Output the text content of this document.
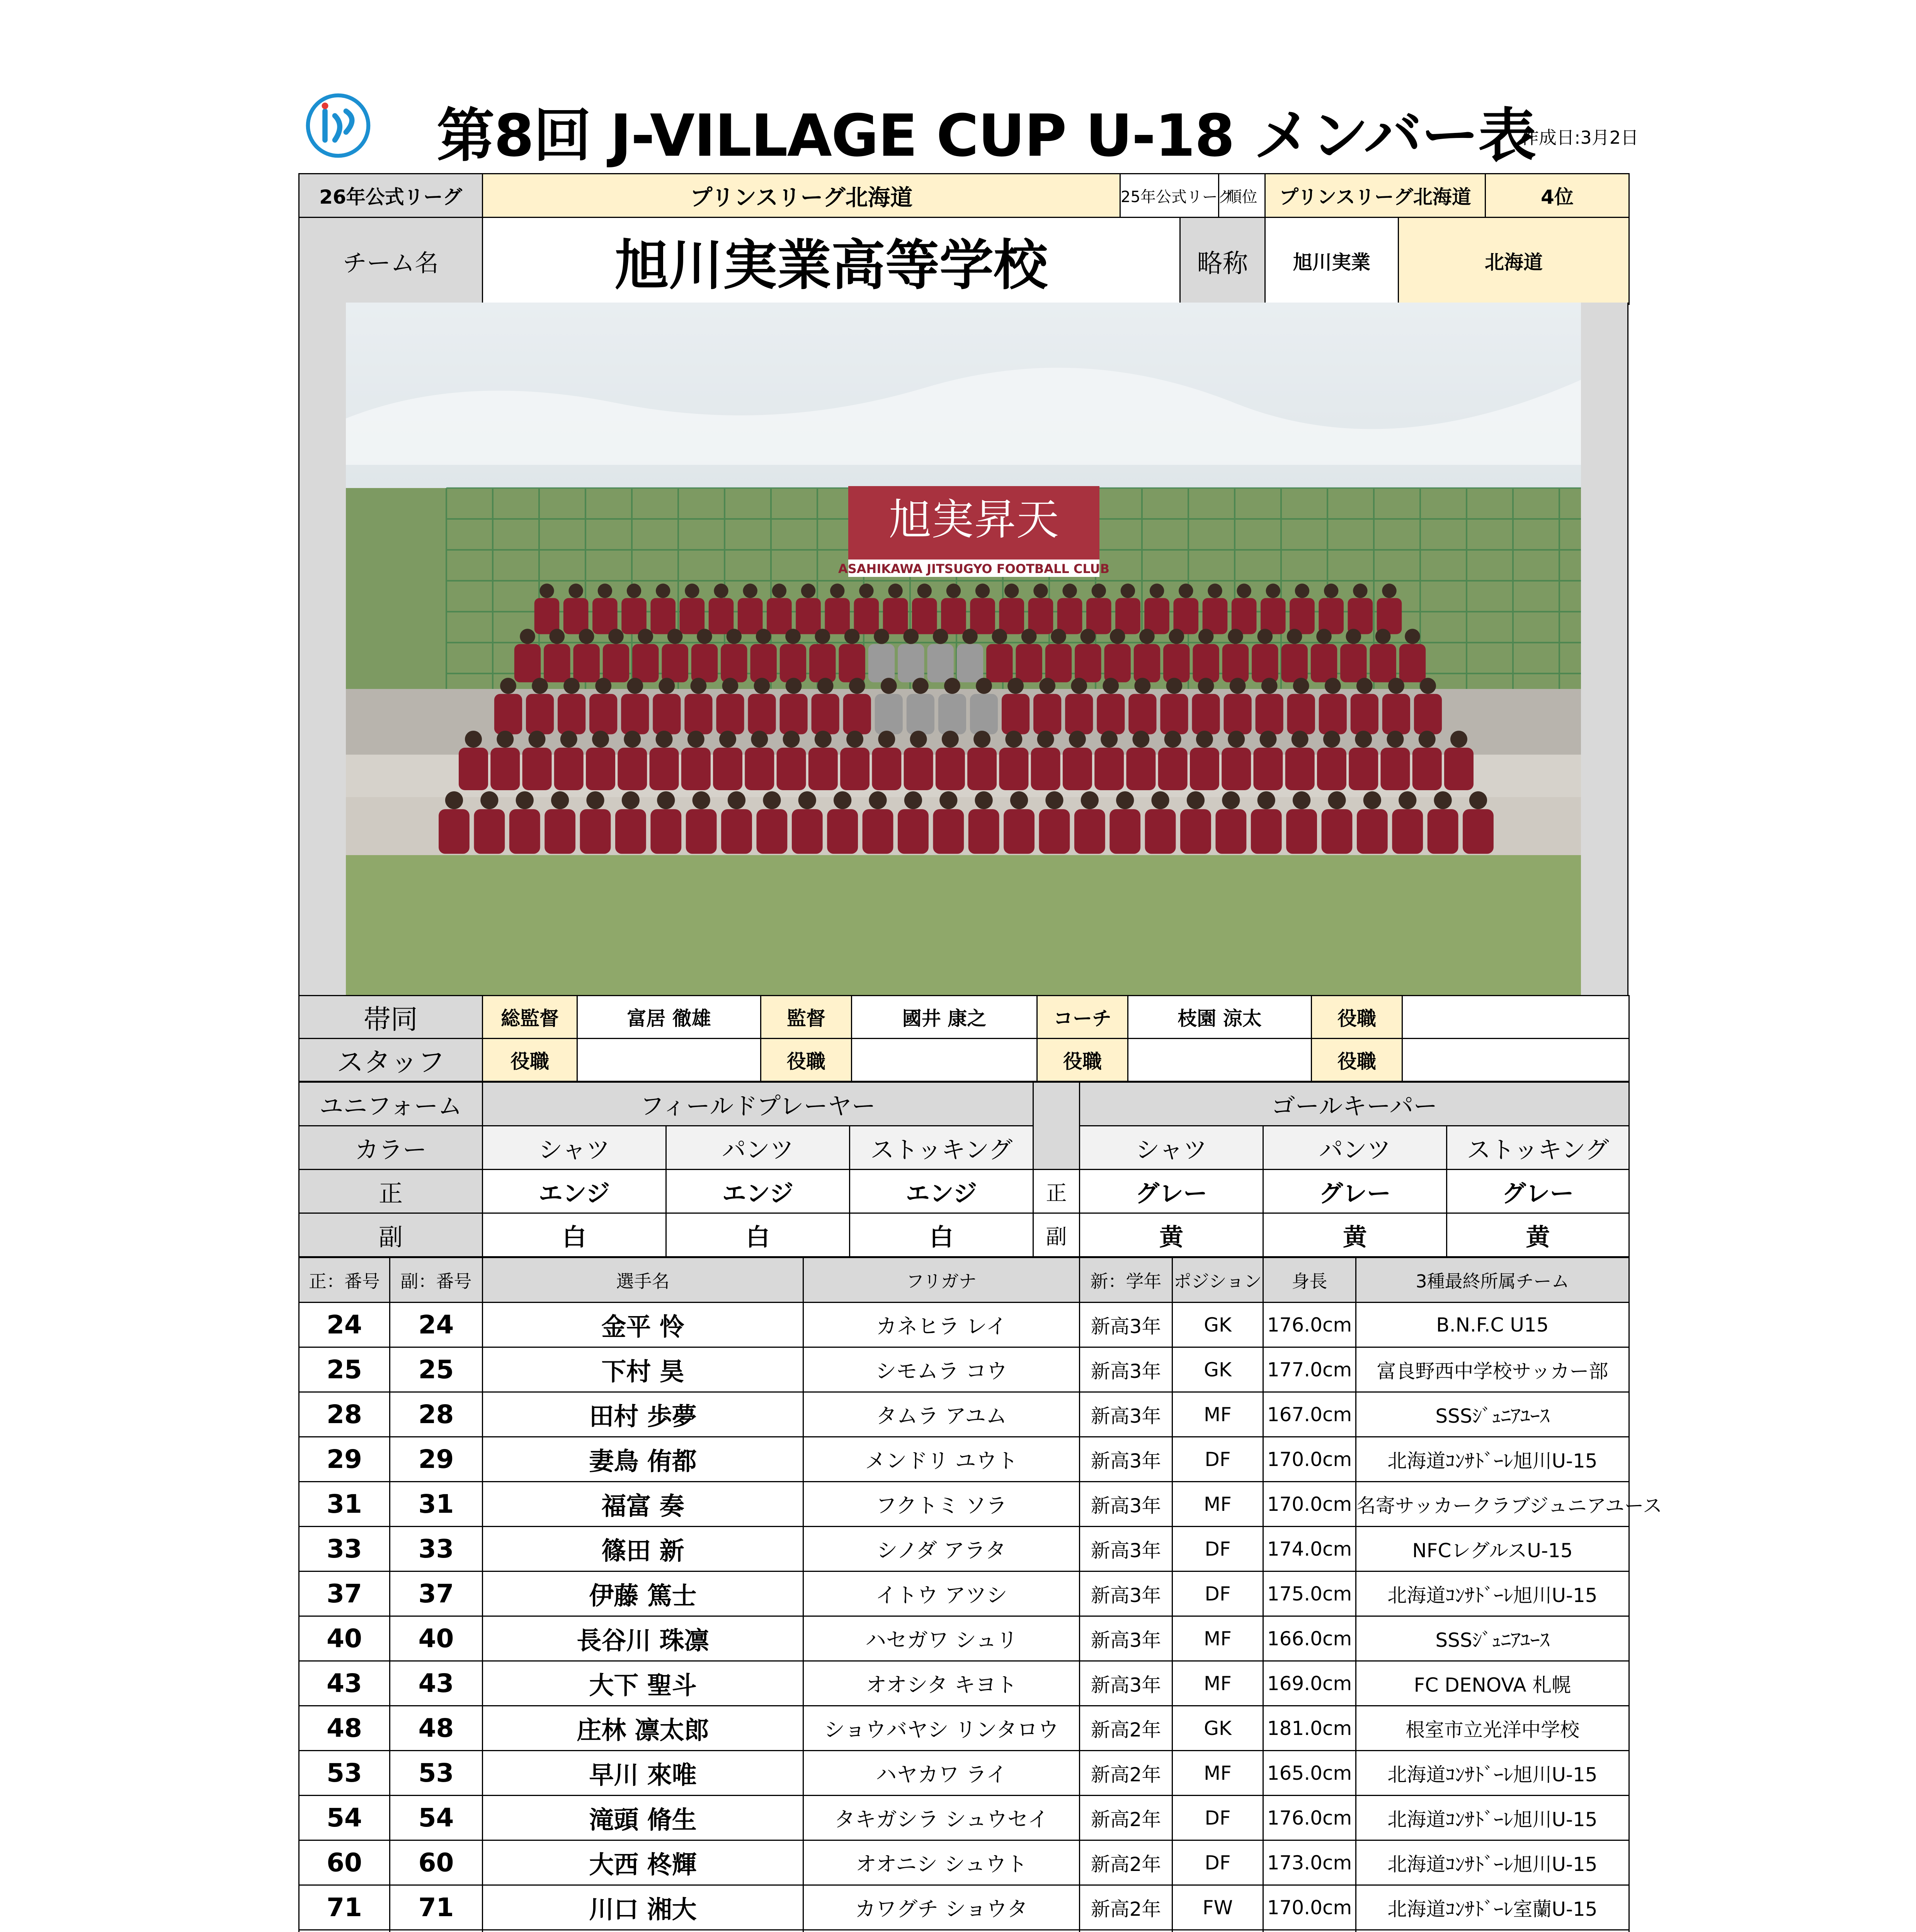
第8回 J-VILLAGE CUP U-18 メンバー表
作成日:3月2日
26年公式リーグ	プリンスリーグ北海道	25年公式リーグ		順位	プリンスリーグ北海道		4位
チーム名	旭川実業高等学校		略称		旭川実業	北海道	
旭実昇天
ASAHIKAWA JITSUGYO FOOTBALL CLUB
帯同	総監督	富居 徹雄	監督	國井 康之	コーチ	枝園 涼太	役職	
スタッフ	役職		役職		役職		役職	
ユニフォーム	フィールドプレーヤー				ゴールキーパー		
カラー	シャツ	パンツ	ストッキング		シャツ	パンツ	ストッキング
正	エンジ	エンジ	エンジ	正	グレー	グレー	グレー
副	白	白	白	副	黄	黄	黄
正：番号	副：番号	選手名	フリガナ	新：学年	ポジション	身長	3種最終所属チーム
24	24	金平 怜	カネヒラ レイ	新高3年	GK	176.0cm	B.N.F.C U15
25	25	下村 昊	シモムラ コウ	新高3年	GK	177.0cm	富良野西中学校サッカー部
28	28	田村 歩夢	タムラ アユム	新高3年	MF	167.0cm	SSSｼﾞｭﾆｱﾕｰｽ
29	29	妻鳥 侑都	メンドリ ユウト	新高3年	DF	170.0cm	北海道ｺﾝｻﾄﾞｰﾚ旭川U-15
31	31	福富 奏	フクトミ ソラ	新高3年	MF	170.0cm	名寄サッカークラブジュニアユース
33	33	篠田 新	シノダ アラタ	新高3年	DF	174.0cm	NFCレグルスU-15
37	37	伊藤 篤士	イトウ アツシ	新高3年	DF	175.0cm	北海道ｺﾝｻﾄﾞｰﾚ旭川U-15
40	40	長谷川 珠凛	ハセガワ シュリ	新高3年	MF	166.0cm	SSSｼﾞｭﾆｱﾕｰｽ
43	43	大下 聖斗	オオシタ キヨト	新高3年	MF	169.0cm	FC DENOVA 札幌
48	48	庄林 凛太郎	ショウバヤシ リンタロウ	新高2年	GK	181.0cm	根室市立光洋中学校
53	53	早川 來唯	ハヤカワ ライ	新高2年	MF	165.0cm	北海道ｺﾝｻﾄﾞｰﾚ旭川U-15
54	54	滝頭 脩生	タキガシラ シュウセイ	新高2年	DF	176.0cm	北海道ｺﾝｻﾄﾞｰﾚ旭川U-15
60	60	大西 柊輝	オオニシ シュウト	新高2年	DF	173.0cm	北海道ｺﾝｻﾄﾞｰﾚ旭川U-15
71	71	川口 湘大	カワグチ ショウタ	新高2年	FW	170.0cm	北海道ｺﾝｻﾄﾞｰﾚ室蘭U-15
